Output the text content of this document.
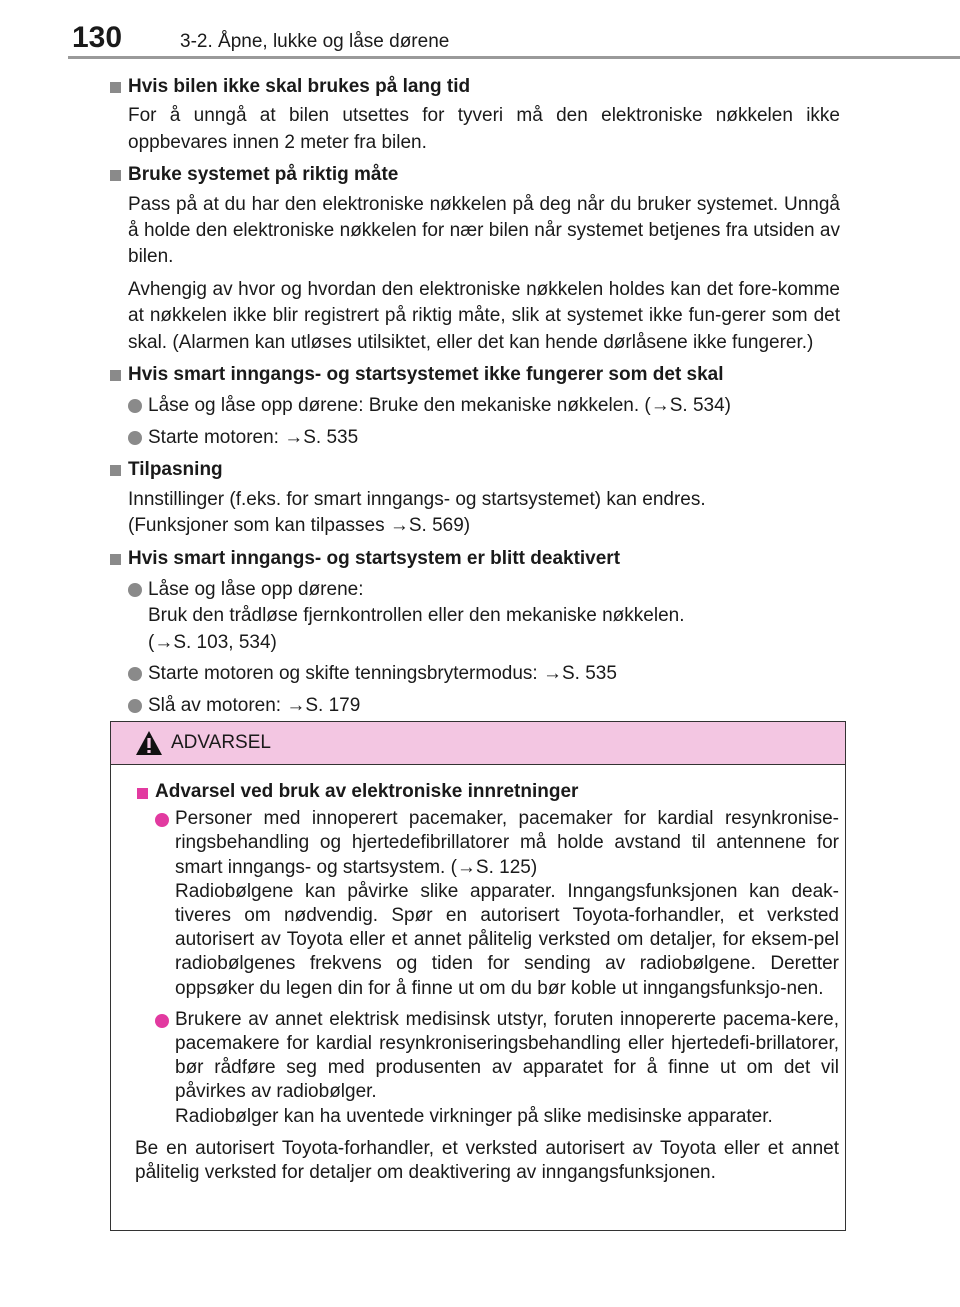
130	3-2. Åpne, lukke og låse dørene
Hvis bilen ikke skal brukes på lang tid
For å unngå at bilen utsettes for tyveri må den elektroniske nøkkelen ikke oppbevares innen 2 meter fra bilen.
Bruke systemet på riktig måte
Pass på at du har den elektroniske nøkkelen på deg når du bruker systemet. Unngå å holde den elektroniske nøkkelen for nær bilen når systemet betjenes fra utsiden av bilen.
Avhengig av hvor og hvordan den elektroniske nøkkelen holdes kan det fore-komme at nøkkelen ikke blir registrert på riktig måte, slik at systemet ikke fun-gerer som det skal. (Alarmen kan utløses utilsiktet, eller det kan hende dørlåsene ikke fungerer.)
Hvis smart inngangs- og startsystemet ikke fungerer som det skal
Låse og låse opp dørene: Bruke den mekaniske nøkkelen. (→S. 534)
Starte motoren: →S. 535
Tilpasning
Innstillinger (f.eks. for smart inngangs- og startsystemet) kan endres.
(Funksjoner som kan tilpasses →S. 569)
Hvis smart inngangs- og startsystem er blitt deaktivert
Låse og låse opp dørene:
Bruk den trådløse fjernkontrollen eller den mekaniske nøkkelen.
(→S. 103, 534)
Starte motoren og skifte tenningsbrytermodus: →S. 535
Slå av motoren: →S. 179
ADVARSEL
Advarsel ved bruk av elektroniske innretninger
Personer med innoperert pacemaker, pacemaker for kardial resynkronise-ringsbehandling og hjertedefibrillatorer må holde avstand til antennene for smart inngangs- og startsystem. (→S. 125)
Radiobølgene kan påvirke slike apparater. Inngangsfunksjonen kan deak-tiveres om nødvendig. Spør en autorisert Toyota-forhandler, et verksted autorisert av Toyota eller et annet pålitelig verksted om detaljer, for eksem-pel radiobølgenes frekvens og tiden for sending av radiobølgene. Deretter oppsøker du legen din for å finne ut om du bør koble ut inngangsfunksjo-nen.
Brukere av annet elektrisk medisinsk utstyr, foruten innopererte pacema-kere, pacemakere for kardial resynkroniseringsbehandling eller hjertedefi-brillatorer, bør rådføre seg med produsenten av apparatet for å finne ut om det vil påvirkes av radiobølger.
Radiobølger kan ha uventede virkninger på slike medisinske apparater.
Be en autorisert Toyota-forhandler, et verksted autorisert av Toyota eller et annet pålitelig verksted for detaljer om deaktivering av inngangsfunksjonen.
